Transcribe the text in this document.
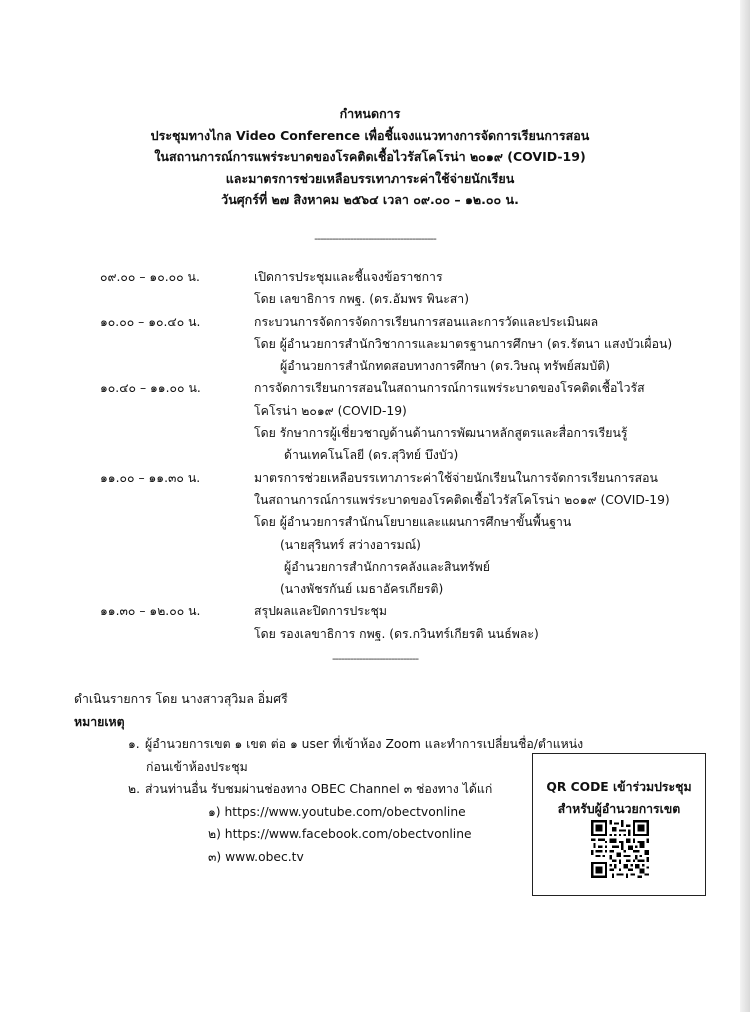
กำหนดการ
ประชุมทางไกล Video Conference เพื่อชี้แจงแนวทางการจัดการเรียนการสอน
ในสถานการณ์การแพร่ระบาดของโรคติดเชื้อไวรัสโคโรน่า ๒๐๑๙ (COVID-19)
และมาตรการช่วยเหลือบรรเทาภาระค่าใช้จ่ายนักเรียน
วันศุกร์ที่ ๒๗ สิงหาคม ๒๕๖๔ เวลา ๐๙.๐๐ – ๑๒.๐๐ น.
-----------------------------------------
๐๙.๐๐ – ๑๐.๐๐ น.	เปิดการประชุมและชี้แจงข้อราชการ
โดย เลขาธิการ กพฐ. (ดร.อัมพร พินะสา)
๑๐.๐๐ – ๑๐.๔๐ น.	กระบวนการจัดการจัดการเรียนการสอนและการวัดและประเมินผล
โดย ผู้อำนวยการสำนักวิชาการและมาตรฐานการศึกษา (ดร.รัตนา แสงบัวเผื่อน)
ผู้อำนวยการสำนักทดสอบทางการศึกษา (ดร.วิษณุ ทรัพย์สมบัติ)
๑๐.๔๐ – ๑๑.๐๐ น.	การจัดการเรียนการสอนในสถานการณ์การแพร่ระบาดของโรคติดเชื้อไวรัส
โคโรน่า ๒๐๑๙ (COVID-19)
โดย รักษาการผู้เชี่ยวชาญด้านด้านการพัฒนาหลักสูตรและสื่อการเรียนรู้
ด้านเทคโนโลยี (ดร.สุวิทย์ บึงบัว)
๑๑.๐๐ – ๑๑.๓๐ น.	มาตรการช่วยเหลือบรรเทาภาระค่าใช้จ่ายนักเรียนในการจัดการเรียนการสอน
ในสถานการณ์การแพร่ระบาดของโรคติดเชื้อไวรัสโคโรน่า ๒๐๑๙ (COVID-19)
โดย ผู้อำนวยการสำนักนโยบายและแผนการศึกษาขั้นพื้นฐาน
(นายสุรินทร์ สว่างอารมณ์)
ผู้อำนวยการสำนักการคลังและสินทรัพย์
(นางพัชรกันย์ เมธาอัครเกียรติ)
๑๑.๓๐ – ๑๒.๐๐ น.	สรุปผลและปิดการประชุม
โดย รองเลขาธิการ กพฐ. (ดร.กวินทร์เกียรติ นนธ์พละ)
-----------------------------
ดำเนินรายการ โดย นางสาวสุวิมล อิ่มศรี
หมายเหตุ
๑. ผู้อำนวยการเขต ๑ เขต ต่อ ๑ user ที่เข้าห้อง Zoom และทำการเปลี่ยนชื่อ/ตำแหน่ง
ก่อนเข้าห้องประชุม
๒. ส่วนท่านอื่น รับชมผ่านช่องทาง OBEC Channel ๓ ช่องทาง ได้แก่
๑) https://www.youtube.com/obectvonline
๒) https://www.facebook.com/obectvonline
๓) www.obec.tv
QR CODE เข้าร่วมประชุม
สำหรับผู้อำนวยการเขต
